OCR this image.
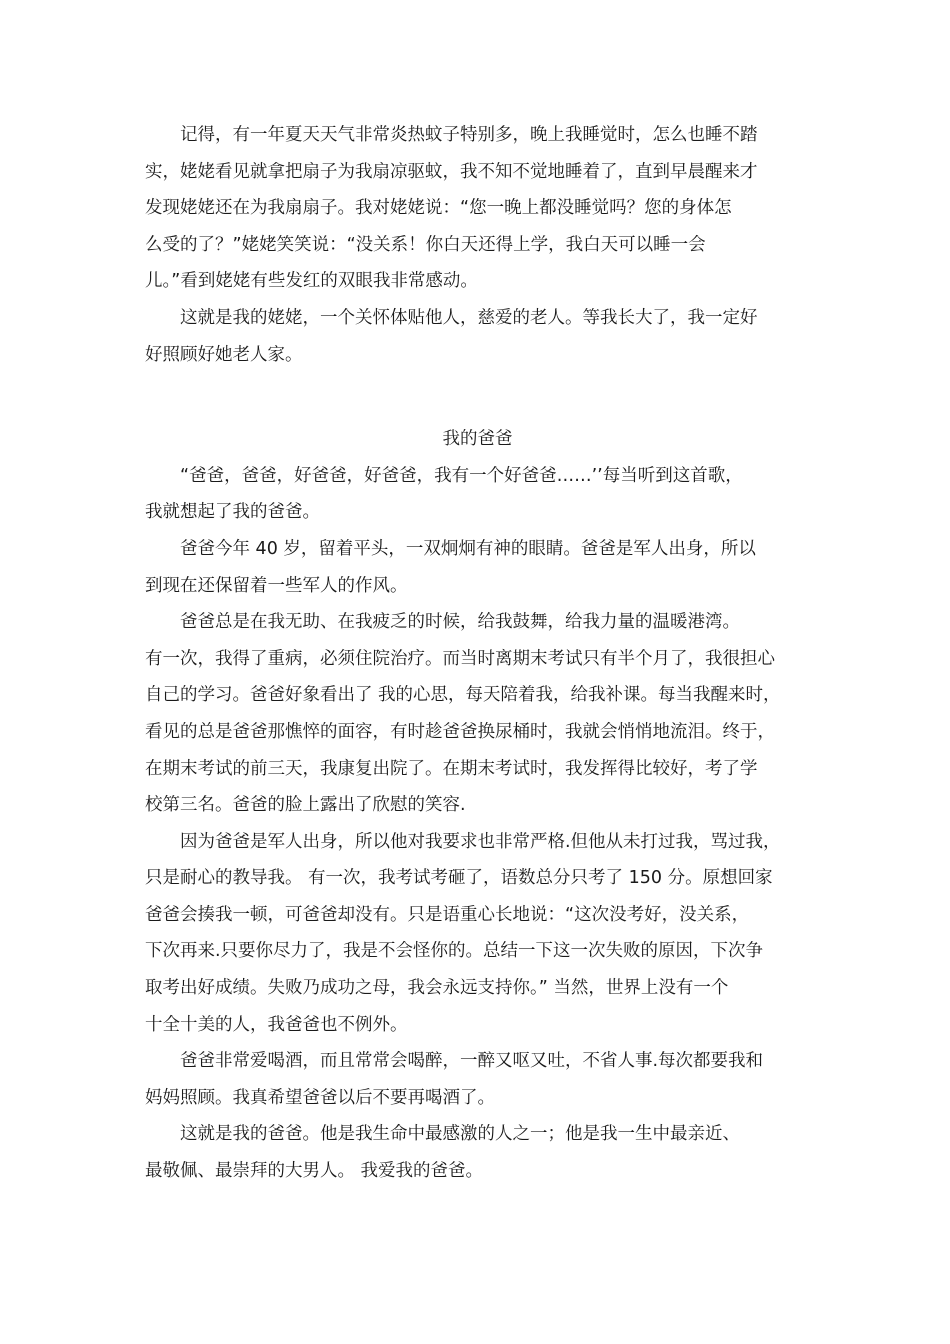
记得，有一年夏天天气非常炎热蚊子特别多，晚上我睡觉时，怎么也睡不踏
实，姥姥看见就拿把扇子为我扇凉驱蚊，我不知不觉地睡着了，直到早晨醒来才
发现姥姥还在为我扇扇子。我对姥姥说：“您一晚上都没睡觉吗？您的身体怎
么受的了？”姥姥笑笑说：“没关系！你白天还得上学，我白天可以睡一会
儿。”看到姥姥有些发红的双眼我非常感动。

这就是我的姥姥，一个关怀体贴他人，慈爱的老人。等我长大了，我一定好
好照顾好她老人家。

我的爸爸

“爸爸，爸爸，好爸爸，好爸爸，我有一个好爸爸……’’每当听到这首歌，
我就想起了我的爸爸。

爸爸今年 40 岁，留着平头，一双炯炯有神的眼睛。爸爸是军人出身，所以
到现在还保留着一些军人的作风。

爸爸总是在我无助、在我疲乏的时候，给我鼓舞，给我力量的温暖港湾。
有一次，我得了重病，必须住院治疗。而当时离期末考试只有半个月了，我很担心
自己的学习。爸爸好象看出了 我的心思，每天陪着我，给我补课。每当我醒来时，
看见的总是爸爸那憔悴的面容，有时趁爸爸换尿桶时，我就会悄悄地流泪。终于，
在期末考试的前三天，我康复出院了。在期末考试时，我发挥得比较好，考了学
校第三名。爸爸的脸上露出了欣慰的笑容.

因为爸爸是军人出身，所以他对我要求也非常严格.但他从未打过我，骂过我，
只是耐心的教导我。 有一次，我考试考砸了，语数总分只考了 150 分。原想回家
爸爸会揍我一顿，可爸爸却没有。只是语重心长地说：“这次没考好，没关系，
下次再来.只要你尽力了，我是不会怪你的。总结一下这一次失败的原因，下次争
取考出好成绩。失败乃成功之母，我会永远支持你。” 当然，世界上没有一个
十全十美的人，我爸爸也不例外。

爸爸非常爱喝酒，而且常常会喝醉，一醉又呕又吐，不省人事.每次都要我和
妈妈照顾。我真希望爸爸以后不要再喝酒了。

这就是我的爸爸。他是我生命中最感激的人之一；他是我一生中最亲近、
最敬佩、最崇拜的大男人。 我爱我的爸爸。
